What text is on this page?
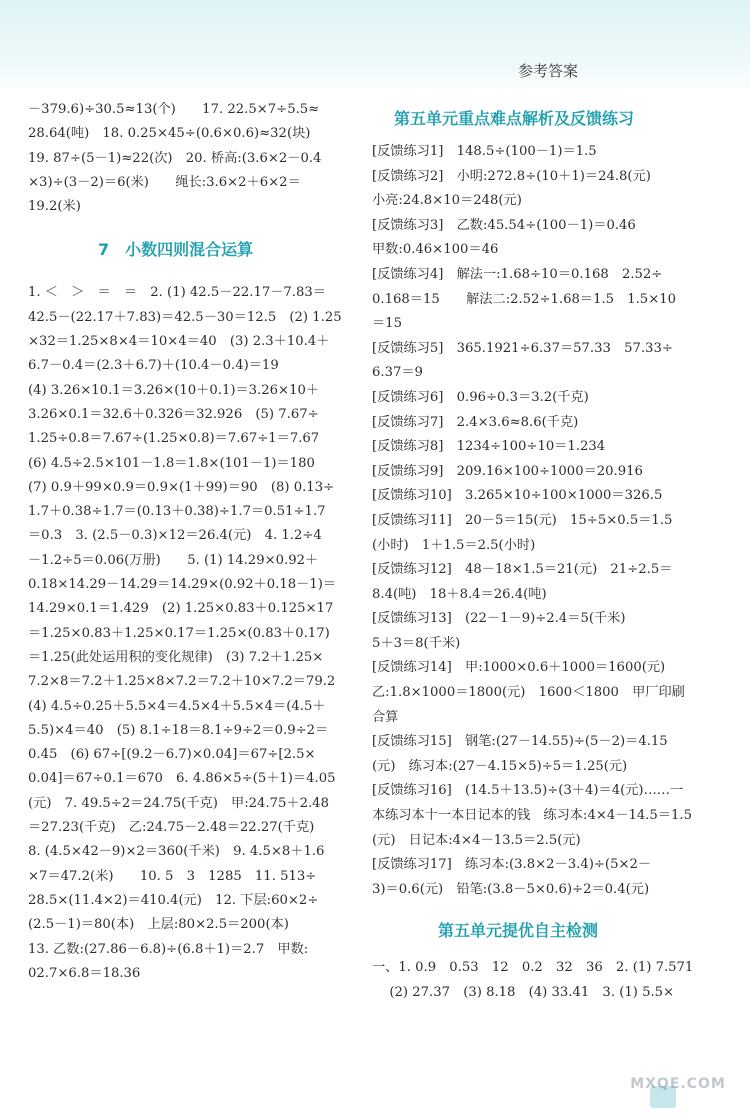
参考答案
－379.6)÷30.5≈13(个)　　17. 22.5×7÷5.5≈
28.64(吨)　18. 0.25×45÷(0.6×0.6)≈32(块)
19. 87÷(5－1)≈22(次)　20. 桥高:(3.6×2－0.4
×3)÷(3－2)＝6(米)　　绳长:3.6×2＋6×2＝
19.2(米)
7　小数四则混合运算
1. ＜　＞　＝　＝　2. (1) 42.5－22.17－7.83＝
42.5－(22.17＋7.83)＝42.5－30＝12.5　(2) 1.25
×32＝1.25×8×4＝10×4＝40　(3) 2.3＋10.4＋
6.7－0.4＝(2.3＋6.7)＋(10.4－0.4)＝19
(4) 3.26×10.1＝3.26×(10＋0.1)＝3.26×10＋
3.26×0.1＝32.6＋0.326＝32.926　(5) 7.67÷
1.25÷0.8＝7.67÷(1.25×0.8)＝7.67÷1＝7.67
(6) 4.5÷2.5×101－1.8＝1.8×(101－1)＝180
(7) 0.9＋99×0.9＝0.9×(1＋99)＝90　(8) 0.13÷
1.7＋0.38÷1.7＝(0.13＋0.38)÷1.7＝0.51÷1.7
＝0.3　3. (2.5－0.3)×12＝26.4(元)　4. 1.2÷4
－1.2÷5＝0.06(万册)　　5. (1) 14.29×0.92＋
0.18×14.29－14.29＝14.29×(0.92＋0.18－1)＝
14.29×0.1＝1.429　(2) 1.25×0.83＋0.125×17
＝1.25×0.83＋1.25×0.17＝1.25×(0.83＋0.17)
＝1.25(此处运用积的变化规律)　(3) 7.2＋1.25×
7.2×8＝7.2＋1.25×8×7.2＝7.2＋10×7.2＝79.2
(4) 4.5÷0.25＋5.5×4＝4.5×4＋5.5×4＝(4.5＋
5.5)×4＝40　(5) 8.1÷18＝8.1÷9÷2＝0.9÷2＝
0.45　(6) 67÷[(9.2－6.7)×0.04]＝67÷[2.5×
0.04]＝67÷0.1＝670　6. 4.86×5÷(5＋1)＝4.05
(元)　7. 49.5÷2＝24.75(千克)　甲:24.75＋2.48
＝27.23(千克)　乙:24.75－2.48＝22.27(千克)
8. (4.5×42－9)×2＝360(千米)　9. 4.5×8＋1.6
×7＝47.2(米)　　10. 5　3　1285　11. 513÷
28.5×(11.4×2)＝410.4(元)　12. 下层:60×2÷
(2.5－1)＝80(本)　上层:80×2.5＝200(本)
13. 乙数:(27.86－6.8)÷(6.8＋1)＝2.7　甲数:
02.7×6.8＝18.36
第五单元重点难点解析及反馈练习
[反馈练习1]　148.5÷(100－1)＝1.5
[反馈练习2]　小明:272.8÷(10＋1)＝24.8(元)
小亮:24.8×10＝248(元)
[反馈练习3]　乙数:45.54÷(100－1)＝0.46
甲数:0.46×100＝46
[反馈练习4]　解法一:1.68÷10＝0.168　2.52÷
0.168＝15　　解法二:2.52÷1.68＝1.5　1.5×10
＝15
[反馈练习5]　365.1921÷6.37＝57.33　57.33÷
6.37＝9
[反馈练习6]　0.96÷0.3＝3.2(千克)
[反馈练习7]　2.4×3.6≈8.6(千克)
[反馈练习8]　1234÷100÷10＝1.234
[反馈练习9]　209.16×100÷1000＝20.916
[反馈练习10]　3.265×10÷100×1000＝326.5
[反馈练习11]　20－5＝15(元)　15÷5×0.5＝1.5
(小时)　1＋1.5＝2.5(小时)
[反馈练习12]　48－18×1.5＝21(元)　21÷2.5＝
8.4(吨)　18＋8.4＝26.4(吨)
[反馈练习13]　(22－1－9)÷2.4＝5(千米)
5＋3＝8(千米)
[反馈练习14]　甲:1000×0.6＋1000＝1600(元)
乙:1.8×1000＝1800(元)　1600＜1800　甲厂印刷
合算
[反馈练习15]　钢笔:(27－14.55)÷(5－2)＝4.15
(元)　练习本:(27－4.15×5)÷5＝1.25(元)
[反馈练习16]　(14.5＋13.5)÷(3＋4)＝4(元)……一
本练习本十一本日记本的钱　练习本:4×4－14.5＝1.5
(元)　日记本:4×4－13.5＝2.5(元)
[反馈练习17]　练习本:(3.8×2－3.4)÷(5×2－
3)＝0.6(元)　铅笔:(3.8－5×0.6)÷2＝0.4(元)
第五单元提优自主检测
一、1. 0.9　0.53　12　0.2　32　36　2. (1) 7.571
　 (2) 27.37　(3) 8.18　(4) 33.41　3. (1) 5.5×
MXQE.COM
